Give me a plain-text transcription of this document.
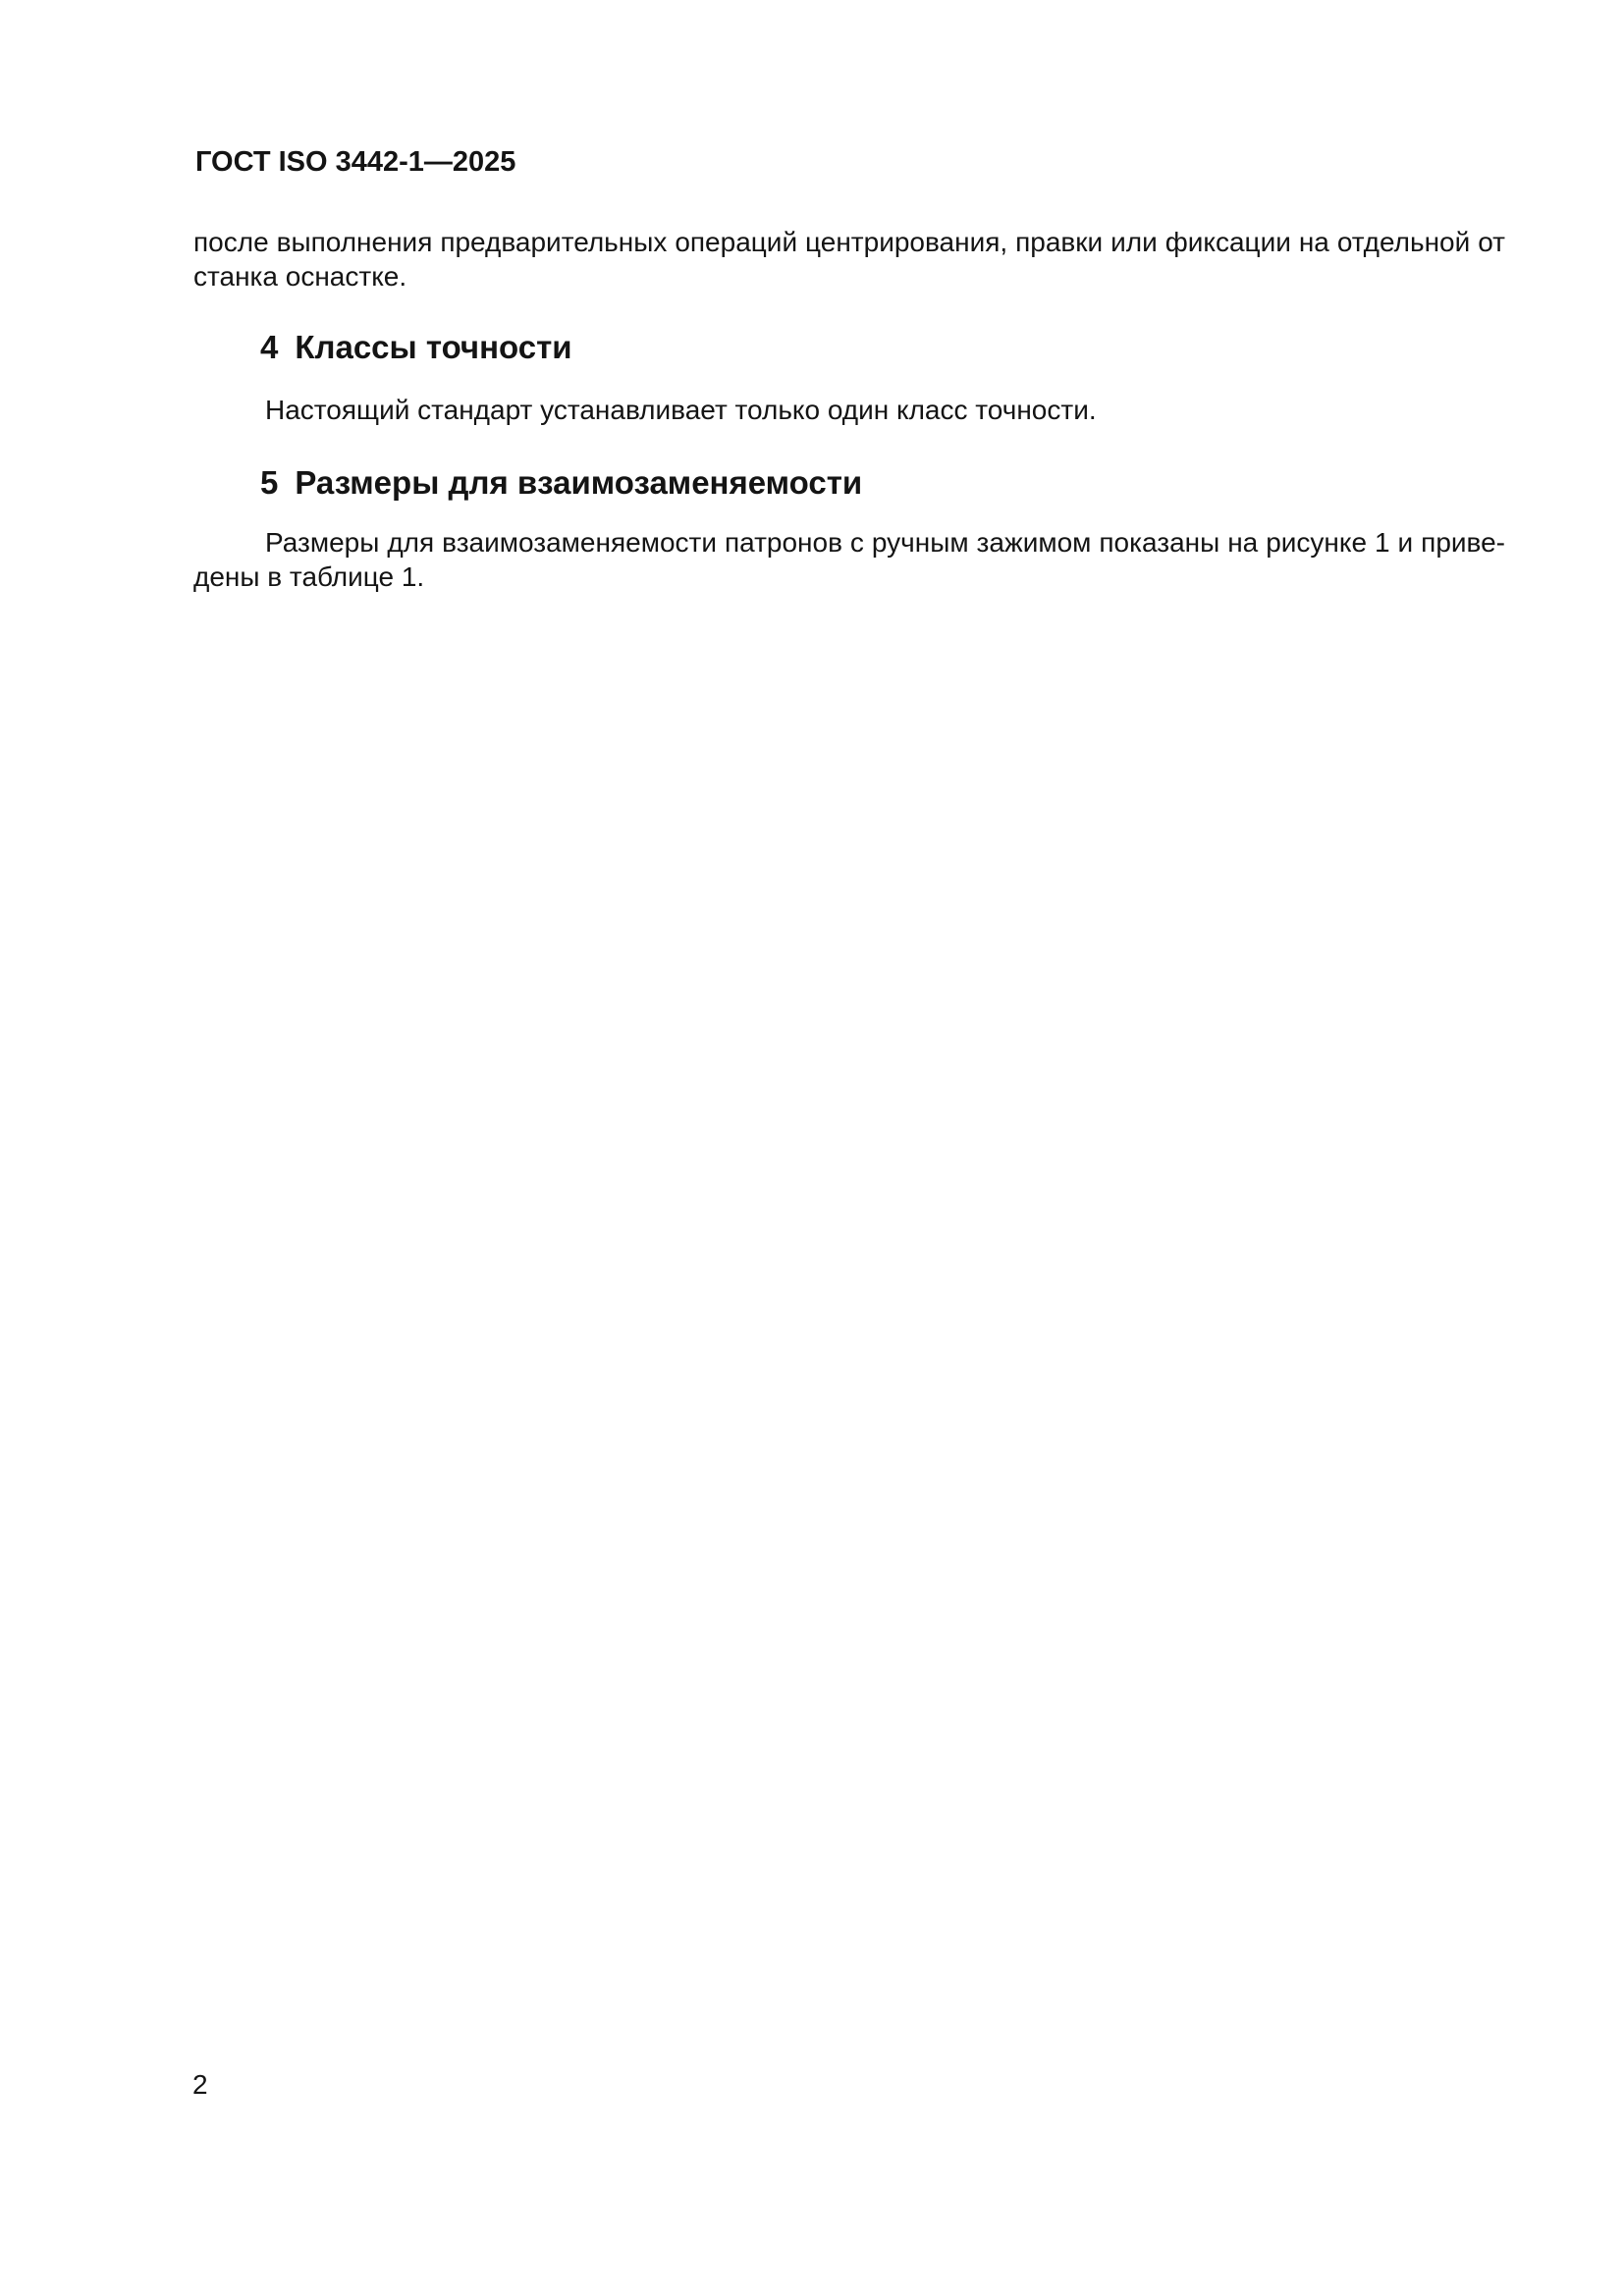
ГОСТ ISO 3442-1—2025
после выполнения предварительных операций центрирования, правки или фиксации на отдельной от
станка оснастке.
4 Классы точности
Настоящий стандарт устанавливает только один класс точности.
5 Размеры для взаимозаменяемости
Размеры для взаимозаменяемости патронов с ручным зажимом показаны на рисунке 1 и приве-
дены в таблице 1.
2
